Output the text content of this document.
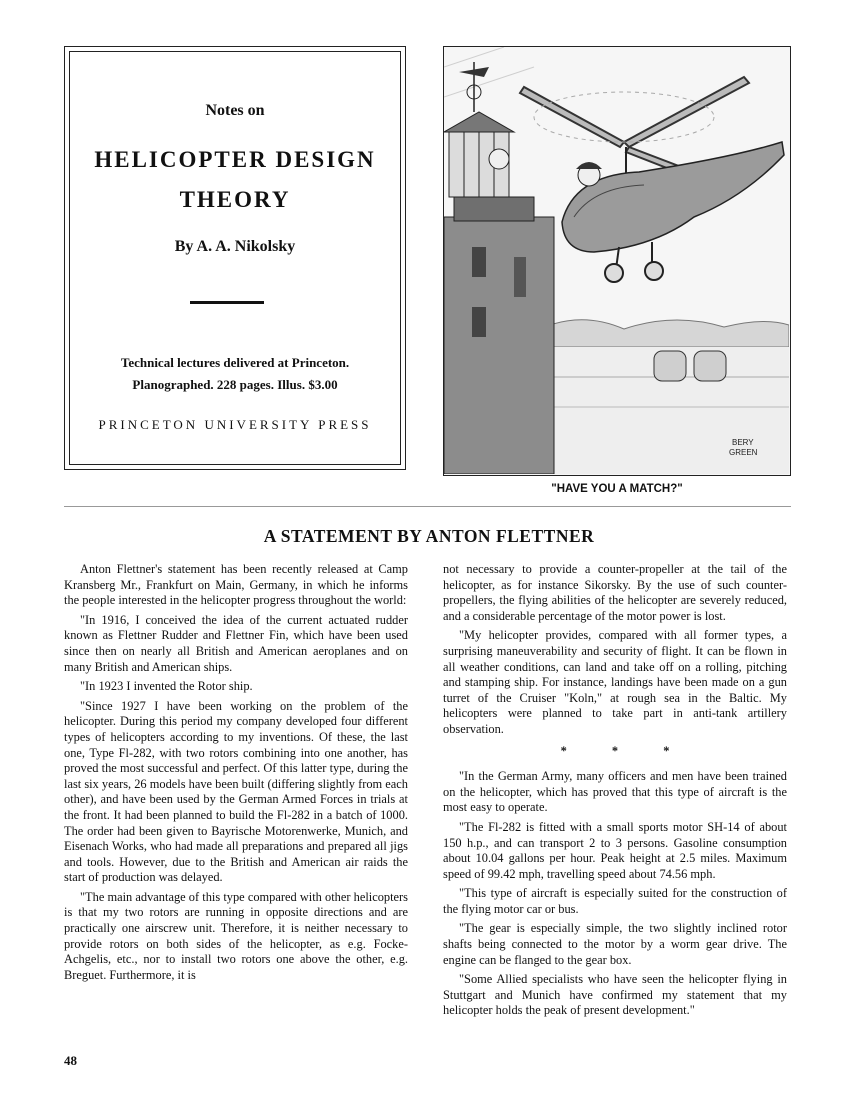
Notes on
HELICOPTER DESIGN
THEORY
By A. A. Nikolsky
Technical lectures delivered at Princeton.
Planographed. 228 pages. Illus. $3.00
PRINCETON UNIVERSITY PRESS
BERY
GREEN
"HAVE YOU A MATCH?"
A STATEMENT BY ANTON FLETTNER

Anton Flettner's statement has been recently released at Camp Kransberg Mr., Frankfurt on Main, Germany, in which he informs the people interested in the helicopter progress throughout the world:

"In 1916, I conceived the idea of the current actuated rudder known as Flettner Rudder and Flettner Fin, which have been used since then on nearly all British and American aeroplanes and on many British and American ships.

"In 1923 I invented the Rotor ship.

"Since 1927 I have been working on the problem of the helicopter. During this period my company developed four different types of helicopters according to my inventions. Of these, the last one, Type Fl-282, with two rotors combining into one another, has proved the most successful and perfect. Of this latter type, during the last six years, 26 models have been built (differing slightly from each other), and have been used by the German Armed Forces in trials at the front. It had been planned to build the Fl-282 in a batch of 1000. The order had been given to Bayrische Motorenwerke, Munich, and Eisenach Works, who had made all preparations and prepared all jigs and tools. However, due to the British and American air raids the start of production was delayed.

"The main advantage of this type compared with other helicopters is that my two rotors are running in opposite directions and are practically one airscrew unit. Therefore, it is neither necessary to provide rotors on both sides of the helicopter, as e.g. Focke-Achgelis, etc., nor to install two rotors one above the other, e.g. Breguet. Furthermore, it is

not necessary to provide a counter-propeller at the tail of the helicopter, as for instance Sikorsky. By the use of such counter-propellers, the flying abilities of the helicopter are severely reduced, and a considerable percentage of the motor power is lost.

"My helicopter provides, compared with all former types, a surprising maneuverability and security of flight. It can be flown in all weather conditions, can land and take off on a rolling, pitching and stamping ship. For instance, landings have been made on a gun turret of the Cruiser "Koln," at rough sea in the Baltic. My helicopters were planned to take part in anti-tank artillery observation.

* * *

"In the German Army, many officers and men have been trained on the helicopter, which has proved that this type of aircraft is the most easy to operate.

"The Fl-282 is fitted with a small sports motor SH-14 of about 150 h.p., and can transport 2 to 3 persons. Gasoline consumption about 10.04 gallons per hour. Peak height at 2.5 miles. Maximum speed of 99.42 mph, travelling speed about 74.56 mph.

"This type of aircraft is especially suited for the construction of the flying motor car or bus.

"The gear is especially simple, the two slightly inclined rotor shafts being connected to the motor by a worm gear drive. The engine can be flanged to the gear box.

"Some Allied specialists who have seen the helicopter flying in Stuttgart and Munich have confirmed my statement that my helicopter holds the peak of present development."

48
